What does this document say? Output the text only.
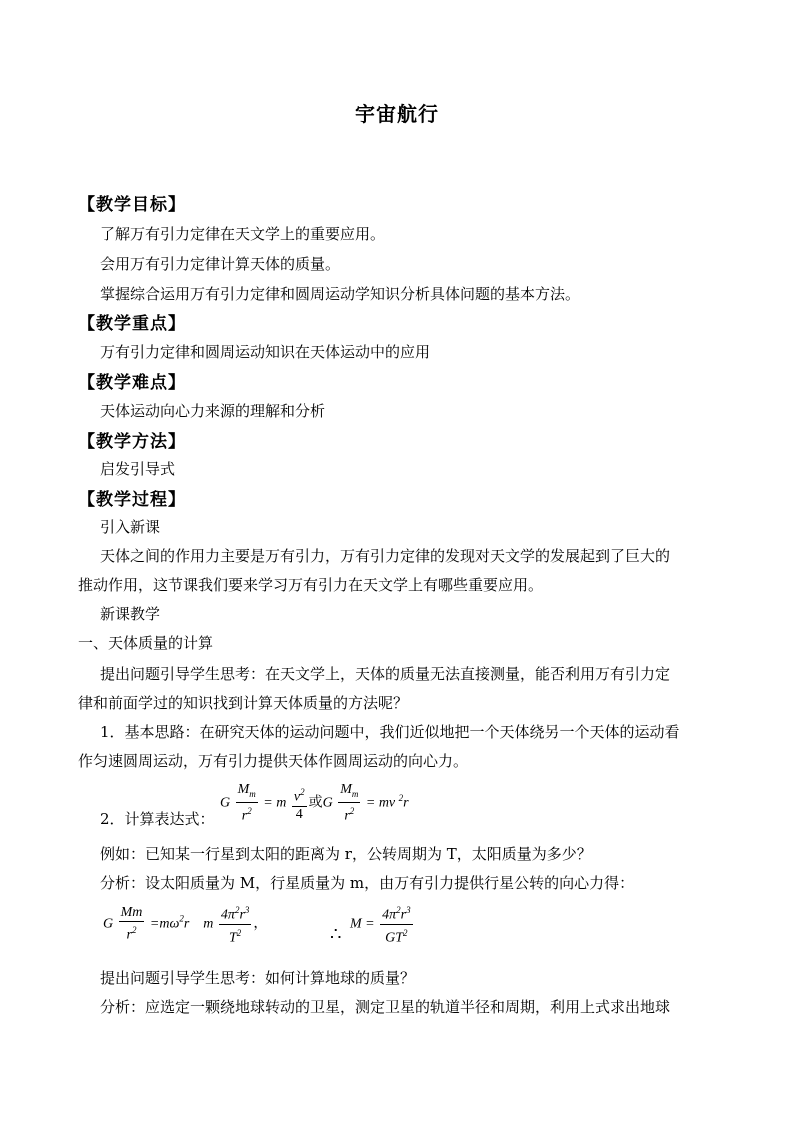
宇宙航行
【教学目标】
了解万有引力定律在天文学上的重要应用。
会用万有引力定律计算天体的质量。
掌握综合运用万有引力定律和圆周运动学知识分析具体问题的基本方法。
【教学重点】
万有引力定律和圆周运动知识在天体运动中的应用
【教学难点】
天体运动向心力来源的理解和分析
【教学方法】
启发引导式
【教学过程】
引入新课
天体之间的作用力主要是万有引力，万有引力定律的发现对天文学的发展起到了巨大的
推动作用，这节课我们要来学习万有引力在天文学上有哪些重要应用。
新课教学
一、天体质量的计算
提出问题引导学生思考：在天文学上，天体的质量无法直接测量，能否利用万有引力定
律和前面学过的知识找到计算天体质量的方法呢？
1．基本思路：在研究天体的运动问题中，我们近似地把一个天体绕另一个天体的运动看
作匀速圆周运动，万有引力提供天体作圆周运动的向心力。
2．计算表达式：
G $\frac{M_m}{r^2} = m \frac{v^2}{4}$ 或G $\frac{M_m}{r^2}$ = mv $^2$r
例如：已知某一行星到太阳的距离为 r，公转周期为 T，太阳质量为多少？
分析：设太阳质量为 M，行星质量为 m，由万有引力提供行星公转的向心力得：
G $\frac{Mm}{r^2} =m\omega^2r$    m $\frac{4\pi^2r^3}{T^2}$ ，
∴
$M = \frac{4\pi^2r^3}{GT^2}$
提出问题引导学生思考：如何计算地球的质量？
分析：应选定一颗绕地球转动的卫星，测定卫星的轨道半径和周期，利用上式求出地球
